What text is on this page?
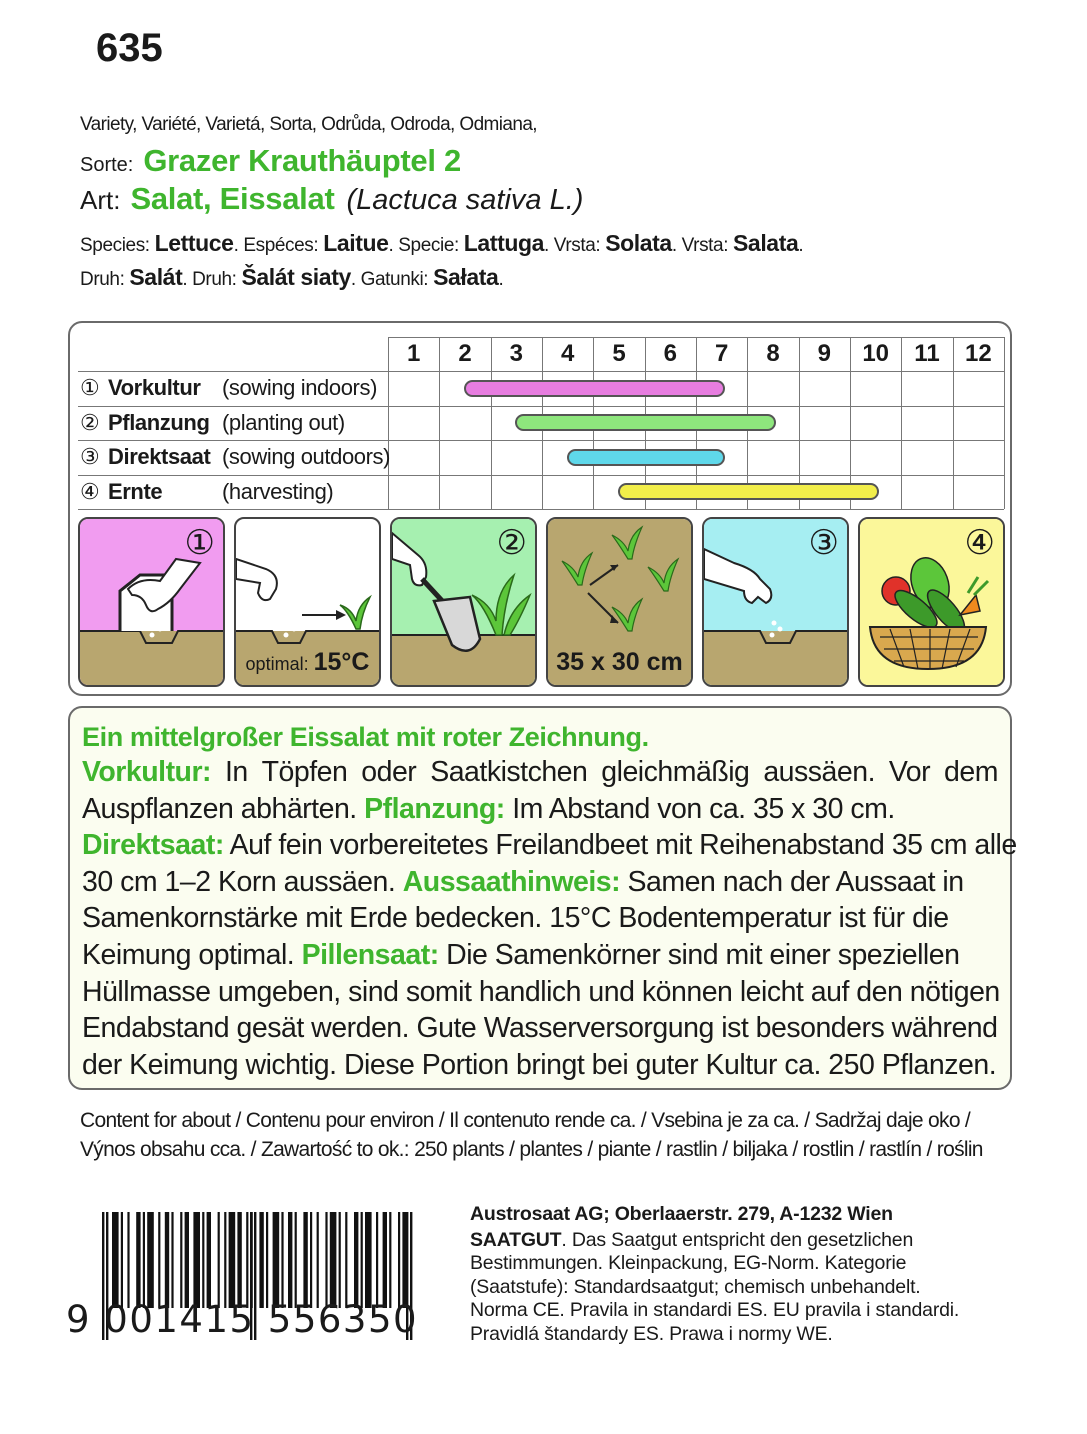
635
Variety, Variété, Varietá, Sorta, Odrůda, Odroda, Odmiana,
Sorte: Grazer Krauthäuptel 2
Art: Salat, Eissalat (Lactuca sativa L.)
Species: Lettuce. Espéces: Laitue. Specie: Lattuga. Vrsta: Solata. Vrsta: Salata.
Druh: Salát. Druh: Šalát siaty. Gatunki: Sałata.
1	2	3	4	5	6	7	8	9	10	11	12
① Vorkultur (sowing indoors)
② Pflanzung (planting out)
③ Direktsaat (sowing outdoors)
④ Ernte	(harvesting)
①
optimal: 15°C
②
35 x 30 cm
③	④
Ein mittelgroßer Eissalat mit roter Zeichnung.
Vorkultur: In Töpfen oder Saatkistchen gleichmäßig aussäen. Vor dem
Auspflanzen abhärten. Pflanzung: Im Abstand von ca. 35 x 30 cm.
Direktsaat: Auf fein vorbereitetes Freilandbeet mit Reihenabstand 35 cm alle
30 cm 1–2 Korn aussäen. Aussaathinweis: Samen nach der Aussaat in
Samenkornstärke mit Erde bedecken. 15°C Bodentemperatur ist für die
Keimung optimal. Pillensaat: Die Samenkörner sind mit einer speziellen
Hüllmasse umgeben, sind somit handlich und können leicht auf den nötigen
Endabstand gesät werden. Gute Wasserversorgung ist besonders während
der Keimung wichtig. Diese Portion bringt bei guter Kultur ca. 250 Pflanzen.
Content for about / Contenu pour environ / Il contenuto rende ca. / Vsebina je za ca. / Sadržaj daje oko /
Výnos obsahu cca. / Zawartość to ok.: 250 plants / plantes / piante / rastlin / biljaka / rostlin / rastlín / roślin
9 001415 556350
Austrosaat AG; Oberlaaerstr. 279, A-1232 Wien
SAATGUT. Das Saatgut entspricht den gesetzlichen
Bestimmungen. Kleinpackung, EG-Norm. Kategorie
(Saatstufe): Standardsaatgut; chemisch unbehandelt.
Norma CE. Pravila in standardi ES. EU pravila i standardi.
Pravidlá štandardy ES. Prawa i normy WE.
